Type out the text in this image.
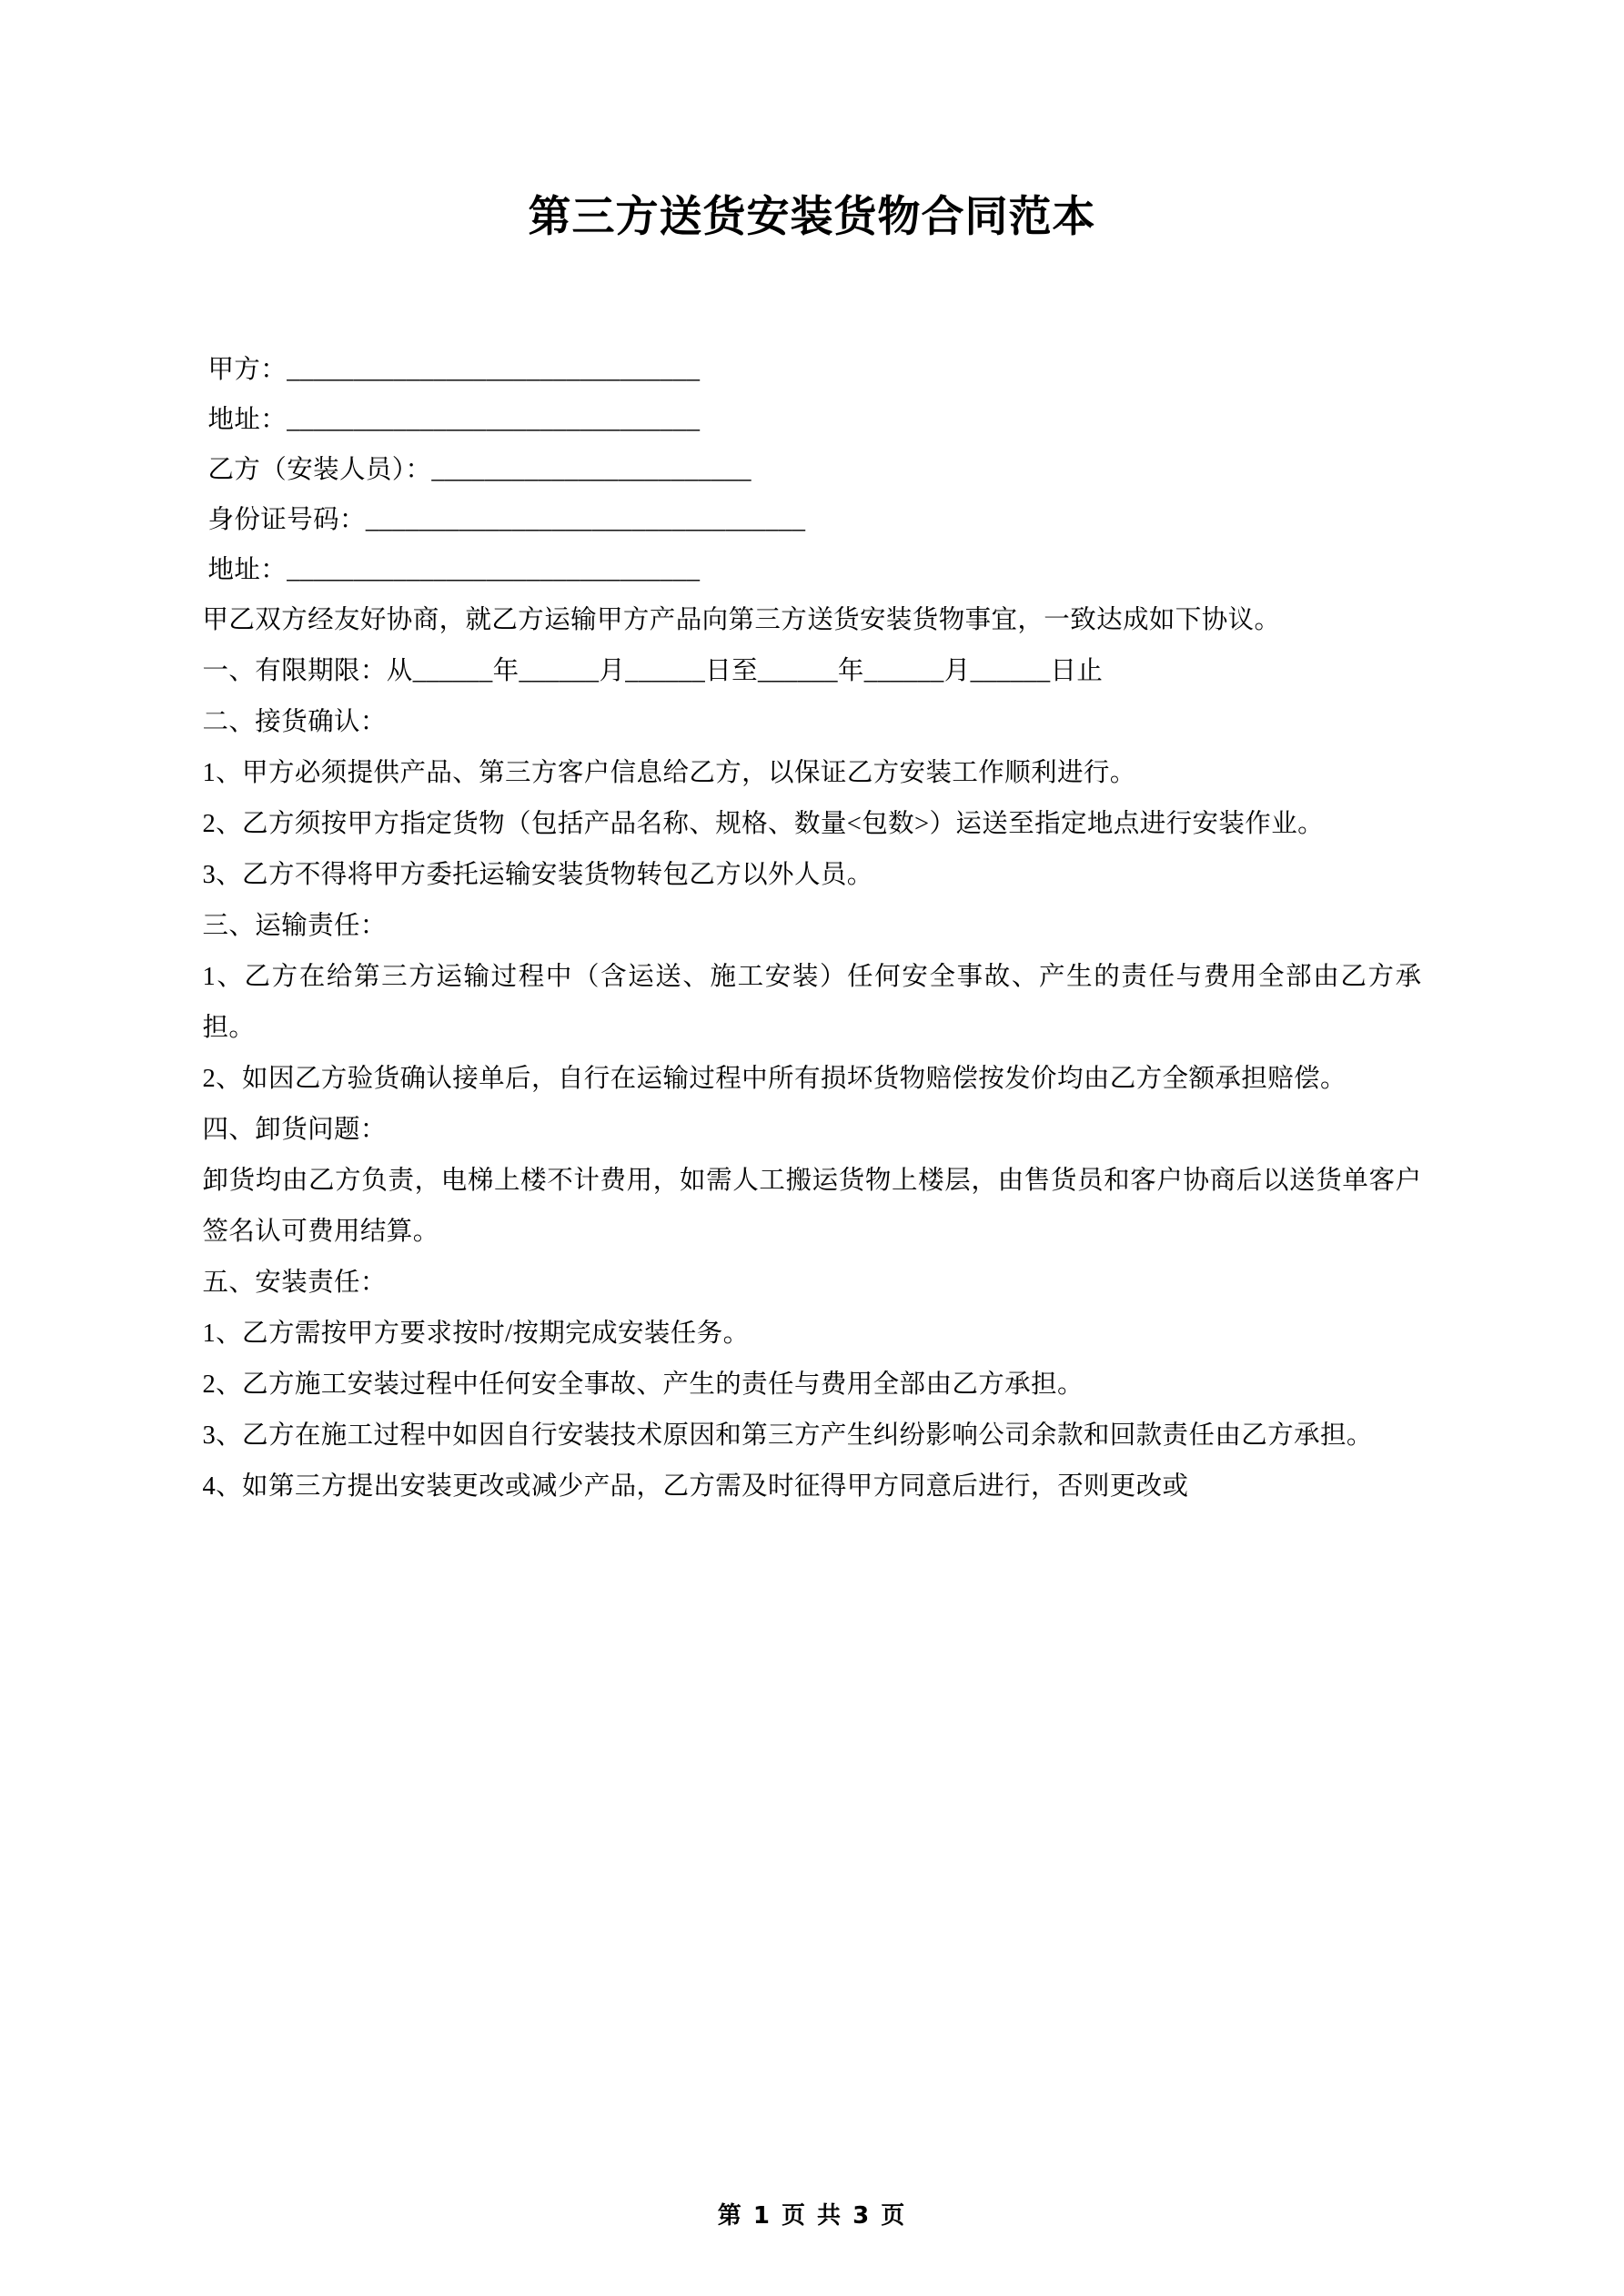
第三方送货安装货物合同范本
甲方：_______________________________
地址：_______________________________
乙方（安装人员）：________________________
身份证号码：_________________________________
地址：_______________________________
甲乙双方经友好协商，就乙方运输甲方产品向第三方送货安装货物事宜，一致达成如下协议。
一、有限期限：从______年______月______日至______年______月______日止
二、接货确认：
1、甲方必须提供产品、第三方客户信息给乙方，以保证乙方安装工作顺利进行。
2、乙方须按甲方指定货物（包括产品名称、规格、数量<包数>）运送至指定地点进行安装作业。
3、乙方不得将甲方委托运输安装货物转包乙方以外人员。
三、运输责任：
1、乙方在给第三方运输过程中（含运送、施工安装）任何安全事故、产生的责任与费用全部由乙方承担。
2、如因乙方验货确认接单后，自行在运输过程中所有损坏货物赔偿按发价均由乙方全额承担赔偿。
四、卸货问题：
卸货均由乙方负责，电梯上楼不计费用，如需人工搬运货物上楼层，由售货员和客户协商后以送货单客户签名认可费用结算。
五、安装责任：
1、乙方需按甲方要求按时/按期完成安装任务。
2、乙方施工安装过程中任何安全事故、产生的责任与费用全部由乙方承担。
3、乙方在施工过程中如因自行安装技术原因和第三方产生纠纷影响公司余款和回款责任由乙方承担。
4、如第三方提出安装更改或减少产品，乙方需及时征得甲方同意后进行，否则更改或
第 1 页 共 3 页
